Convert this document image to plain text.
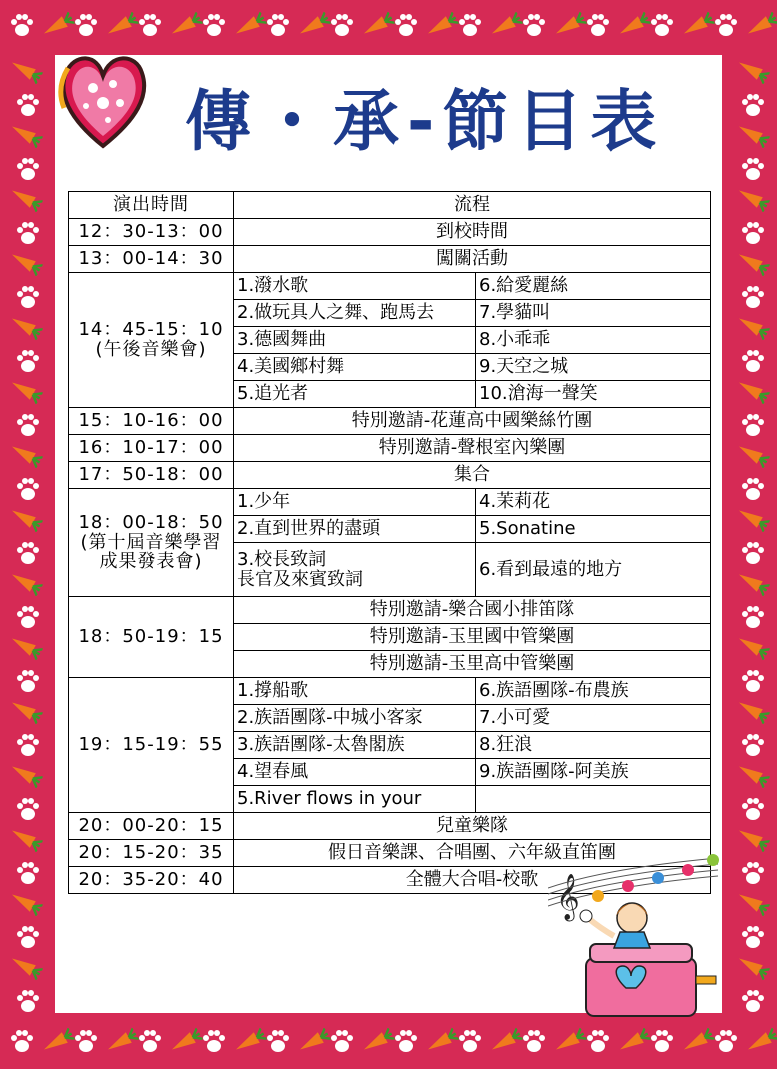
傳・承-節目表
演出時間	流程	
12：30-13：00	到校時間	
13：00-14：30	闖關活動	

14：45-15：10
(午後音樂會)	1.潑水歌	6.給愛麗絲
	2.做玩具人之舞、跑馬去	7.學貓叫
	3.德國舞曲	8.小乖乖
	4.美國鄉村舞	9.天空之城
	5.追光者	10.滄海一聲笑
15：10-16：00	特別邀請-花蓮高中國樂絲竹團	
16：10-17：00	特別邀請-聲根室內樂團	
17：50-18：00	集合	

18：00-18：50
(第十屆音樂學習
成果發表會)	1.少年	4.茉莉花
	2.直到世界的盡頭	5.Sonatine

	3.校長致詞
長官及來賓致詞	6.看到最遠的地方
18：50-19：15	特別邀請-樂合國小排笛隊	
	特別邀請-玉里國中管樂團	
	特別邀請-玉里高中管樂團	
19：15-19：55	1.撐船歌	6.族語團隊-布農族
	2.族語團隊-中城小客家	7.小可愛
	3.族語團隊-太魯閣族	8.狂浪
	4.望春風	9.族語團隊-阿美族
	5.River flows in your	
20：00-20：15	兒童樂隊	
20：15-20：35	假日音樂課、合唱團、六年級直笛團	
20：35-20：40	全體大合唱-校歌	𝄞
